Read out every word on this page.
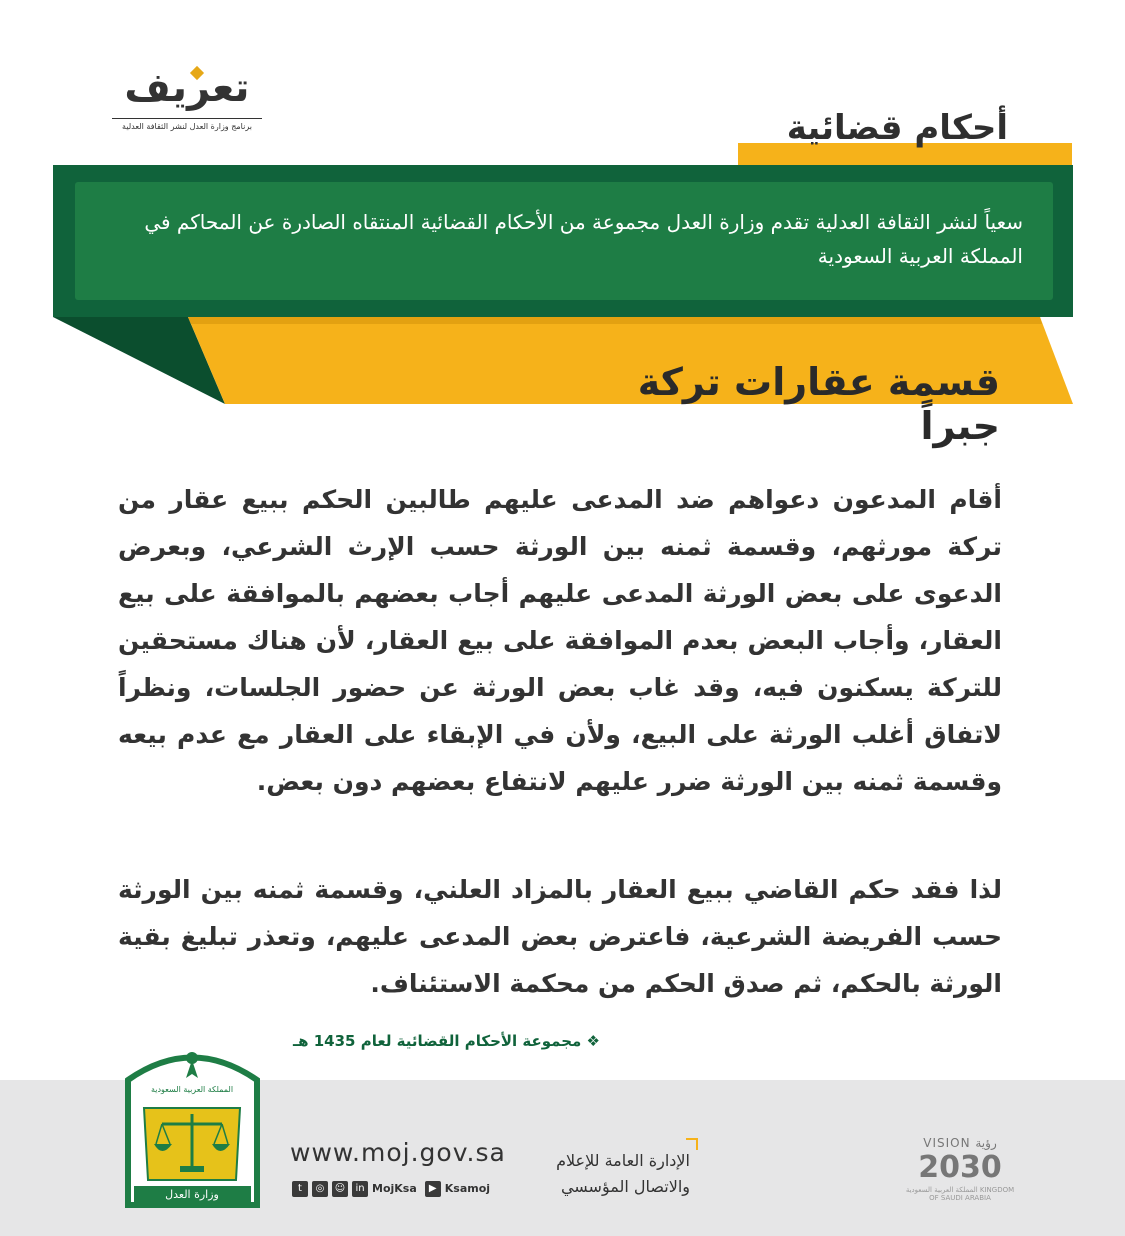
تعريف
برنامج وزارة العدل لنشر الثقافة العدلية	أحكام قضائية
سعياً لنشر الثقافة العدلية تقدم وزارة العدل مجموعة من الأحكام القضائية المنتقاه الصادرة عن المحاكم في المملكة العربية السعودية
قسمة عقارات تركة جبراً
أقام المدعون دعواهم ضد المدعى عليهم طالبين الحكم ببيع عقار من تركة مورثهم، وقسمة ثمنه بين الورثة حسب الإرث الشرعي، وبعرض الدعوى على بعض الورثة المدعى عليهم أجاب بعضهم بالموافقة على بيع العقار، وأجاب البعض بعدم الموافقة على بيع العقار، لأن هناك مستحقين للتركة يسكنون فيه، وقد غاب بعض الورثة عن حضور الجلسات، ونظراً لاتفاق أغلب الورثة على البيع، ولأن في الإبقاء على العقار مع عدم بيعه وقسمة ثمنه بين الورثة ضرر عليهم لانتفاع بعضهم دون بعض.
لذا فقد حكم القاضي ببيع العقار بالمزاد العلني، وقسمة ثمنه بين الورثة حسب الفريضة الشرعية، فاعترض بعض المدعى عليهم، وتعذر تبليغ بقية الورثة بالحكم، ثم صدق الحكم من محكمة الاستئناف.
❖ مجموعة الأحكام القضائية لعام 1435 هـ
وزارة العدل
المملكة العربية السعودية
www.moj.gov.sa
t ◎ ☺ in MojKsa ▶ Ksamoj
الإدارة العامة للإعلام
والاتصال المؤسسي
VISION رؤية
2030
المملكة العربية السعودية KINGDOM OF SAUDI ARABIA
